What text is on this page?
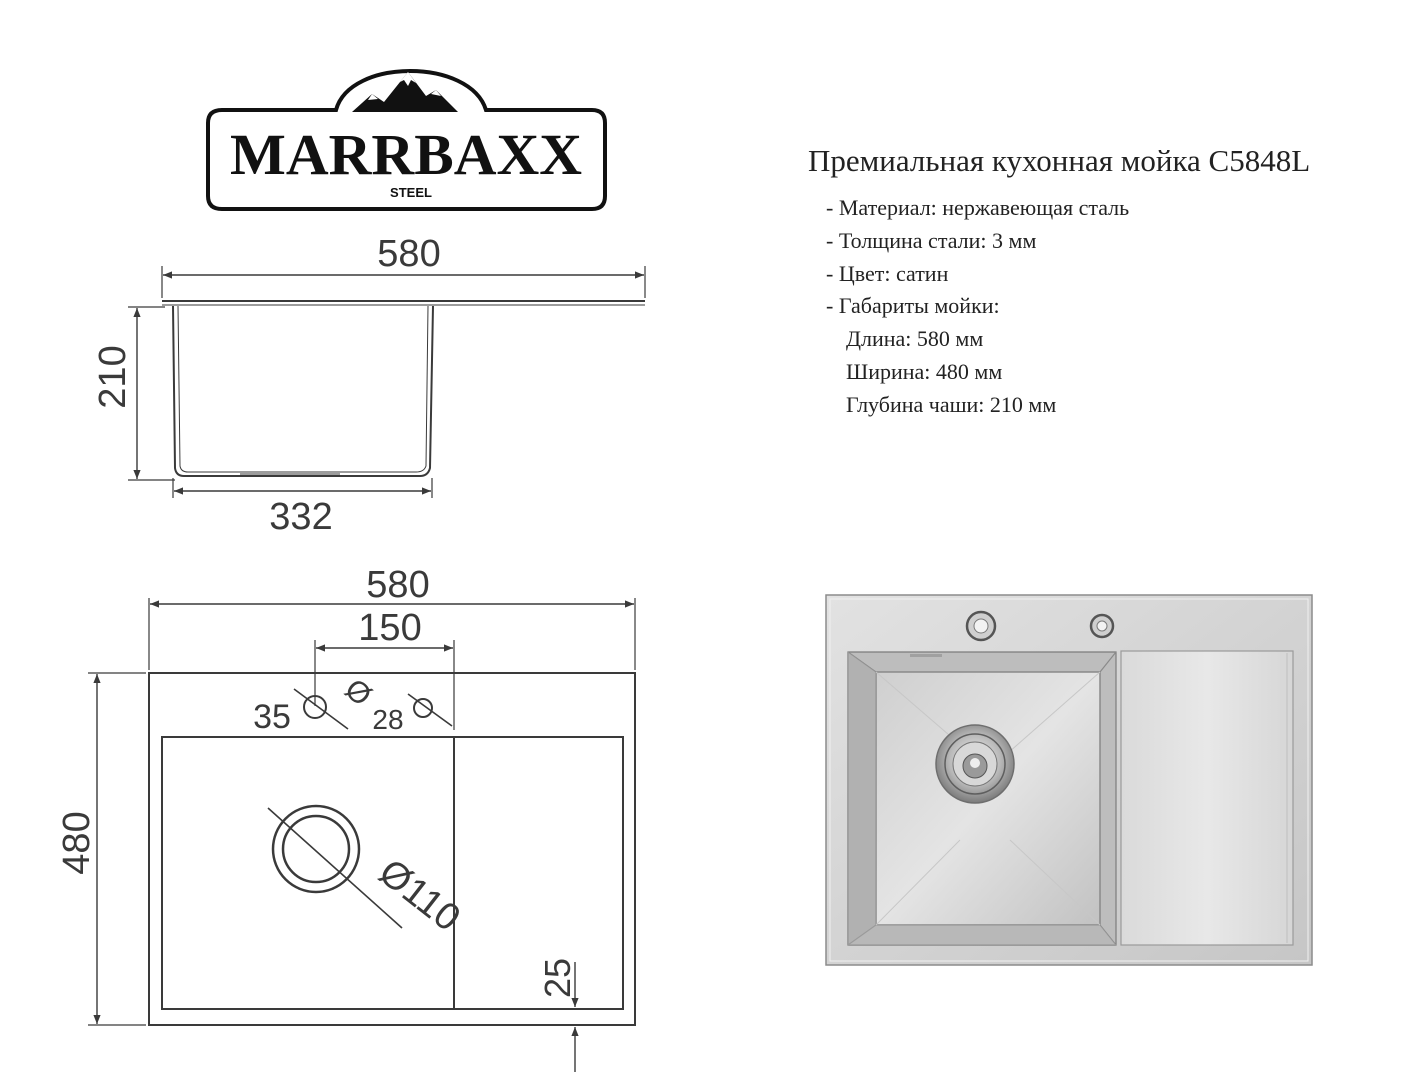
MARRBAXX
STEEL
580
210
332
580
150
35
Ø
28
480
Ø110
25
Премиальная кухонная мойка C5848L
- Материал: нержавеющая сталь
- Толщина стали: 3 мм
- Цвет: сатин
- Габариты мойки:
Длина: 580 мм
Ширина: 480 мм
Глубина чаши: 210 мм
